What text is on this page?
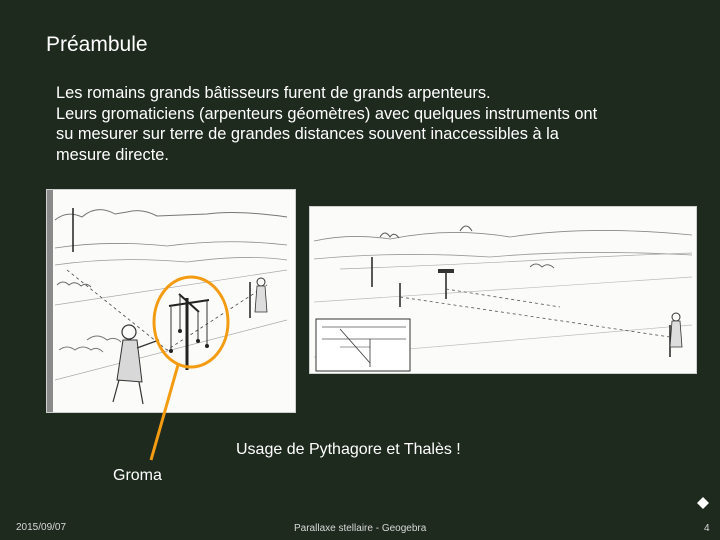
Préambule
Les romains grands bâtisseurs furent de grands arpenteurs.
Leurs gromaticiens (arpenteurs géomètres) avec quelques instruments ont
su mesurer sur terre de grandes distances souvent inaccessibles à la
mesure directe.
Usage de Pythagore et Thalès !
Groma
2015/09/07	Parallaxe stellaire - Geogebra	4
